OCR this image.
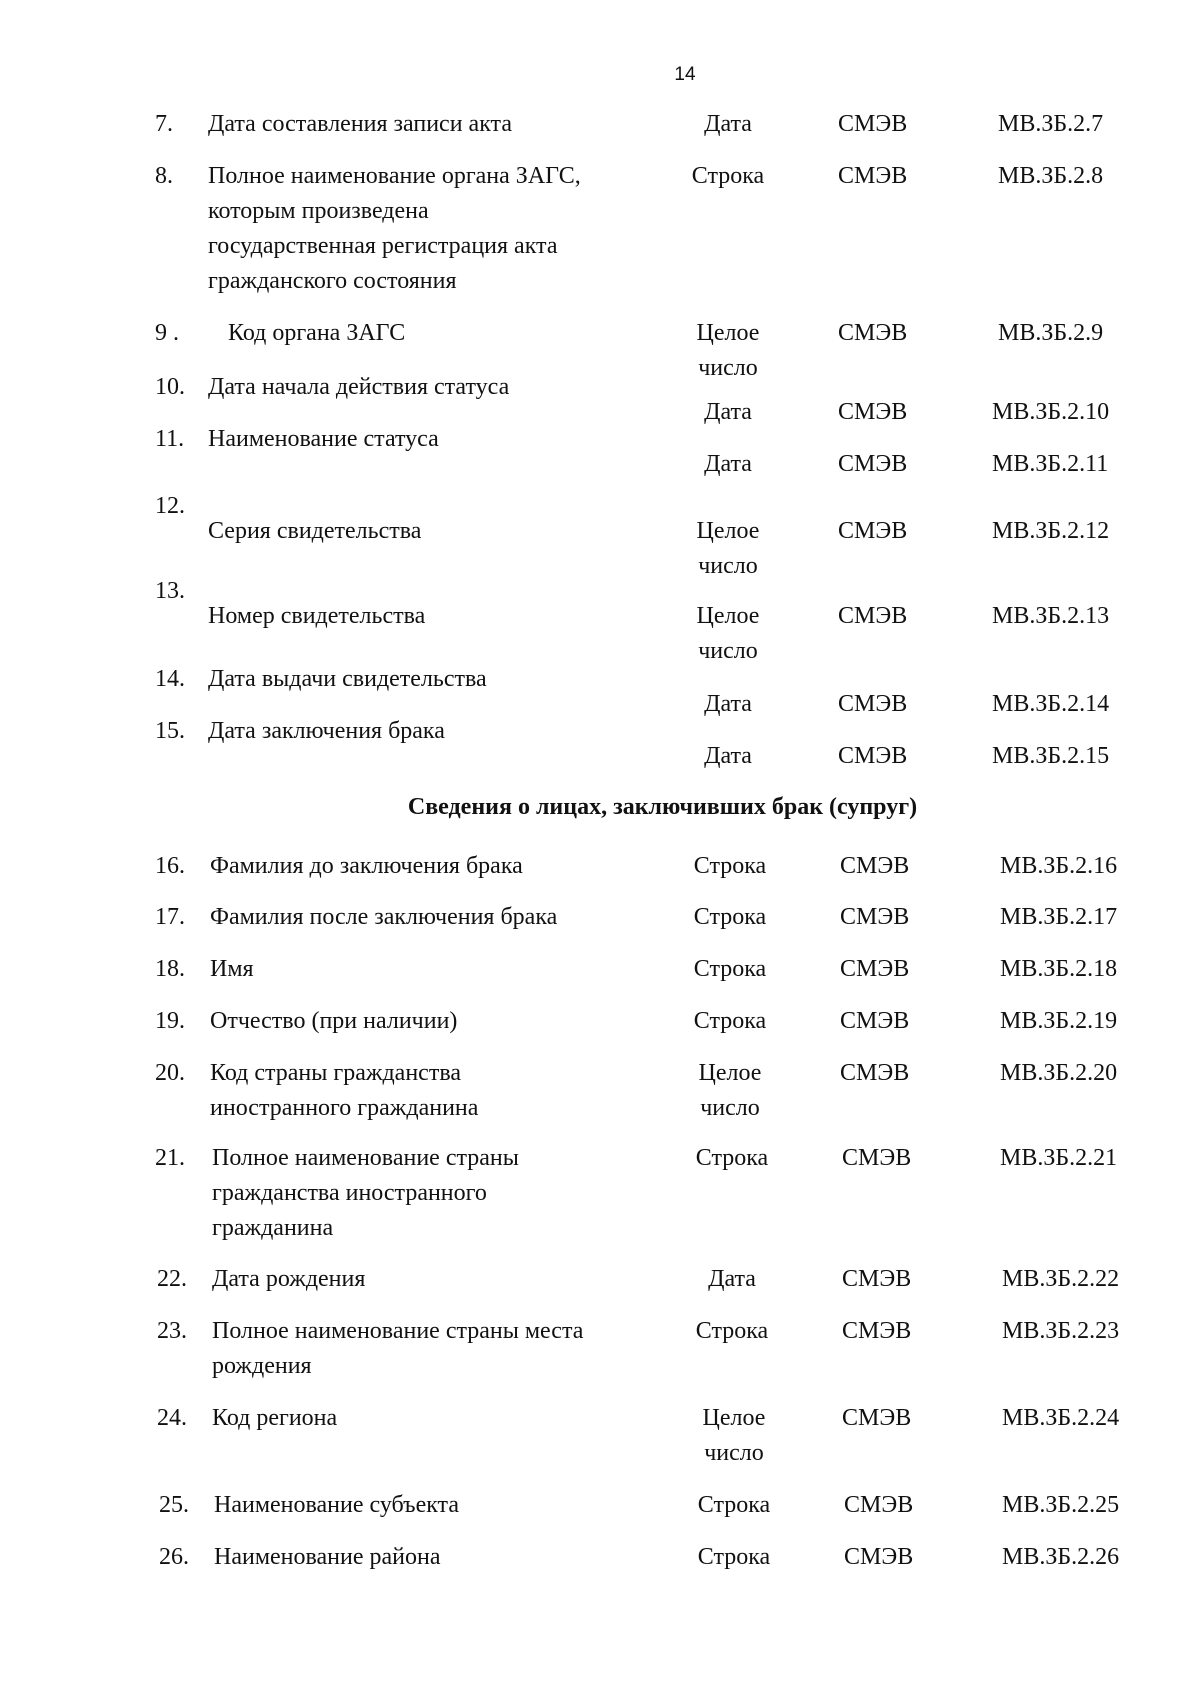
14
7. Дата составления записи акта	Дата	СМЭВ	МВ.ЗБ.2.7
8. Полное наименование органа ЗАГС,
которым произведена
государственная регистрация акта
гражданского состояния
Строка	СМЭВ	МВ.ЗБ.2.8
9 . Код органа ЗАГС	Целое
число
СМЭВ	МВ.ЗБ.2.9
10. Дата начала действия статуса
Дата	СМЭВ	МВ.ЗБ.2.10
11. Наименование статуса
Дата	СМЭВ	МВ.ЗБ.2.11
12.
Серия свидетельства	Целое
число
СМЭВ	МВ.ЗБ.2.12
13.
Номер свидетельства	Целое
число
СМЭВ	МВ.ЗБ.2.13
14. Дата выдачи свидетельства
Дата	СМЭВ	МВ.ЗБ.2.14
15. Дата заключения брака
Дата	СМЭВ	МВ.ЗБ.2.15
Сведения о лицах, заключивших брак (супруг)
16. Фамилия до заключения брака	Строка	СМЭВ	МВ.ЗБ.2.16
17. Фамилия после заключения брака	Строка	СМЭВ	МВ.ЗБ.2.17
18. Имя	Строка	СМЭВ	МВ.ЗБ.2.18
19. Отчество (при наличии)	Строка	СМЭВ	МВ.ЗБ.2.19
20. Код страны гражданства
иностранного гражданина
Целое
число
СМЭВ	МВ.ЗБ.2.20
21. Полное наименование страны
гражданства иностранного
гражданина
Строка	СМЭВ	МВ.ЗБ.2.21
22. Дата рождения	Дата	СМЭВ	МВ.ЗБ.2.22
23. Полное наименование страны места
рождения
Строка	СМЭВ	МВ.ЗБ.2.23
24. Код региона	Целое
число
СМЭВ	МВ.ЗБ.2.24
25. Наименование субъекта	Строка	СМЭВ	МВ.ЗБ.2.25
26. Наименование района	Строка	СМЭВ	МВ.ЗБ.2.26
